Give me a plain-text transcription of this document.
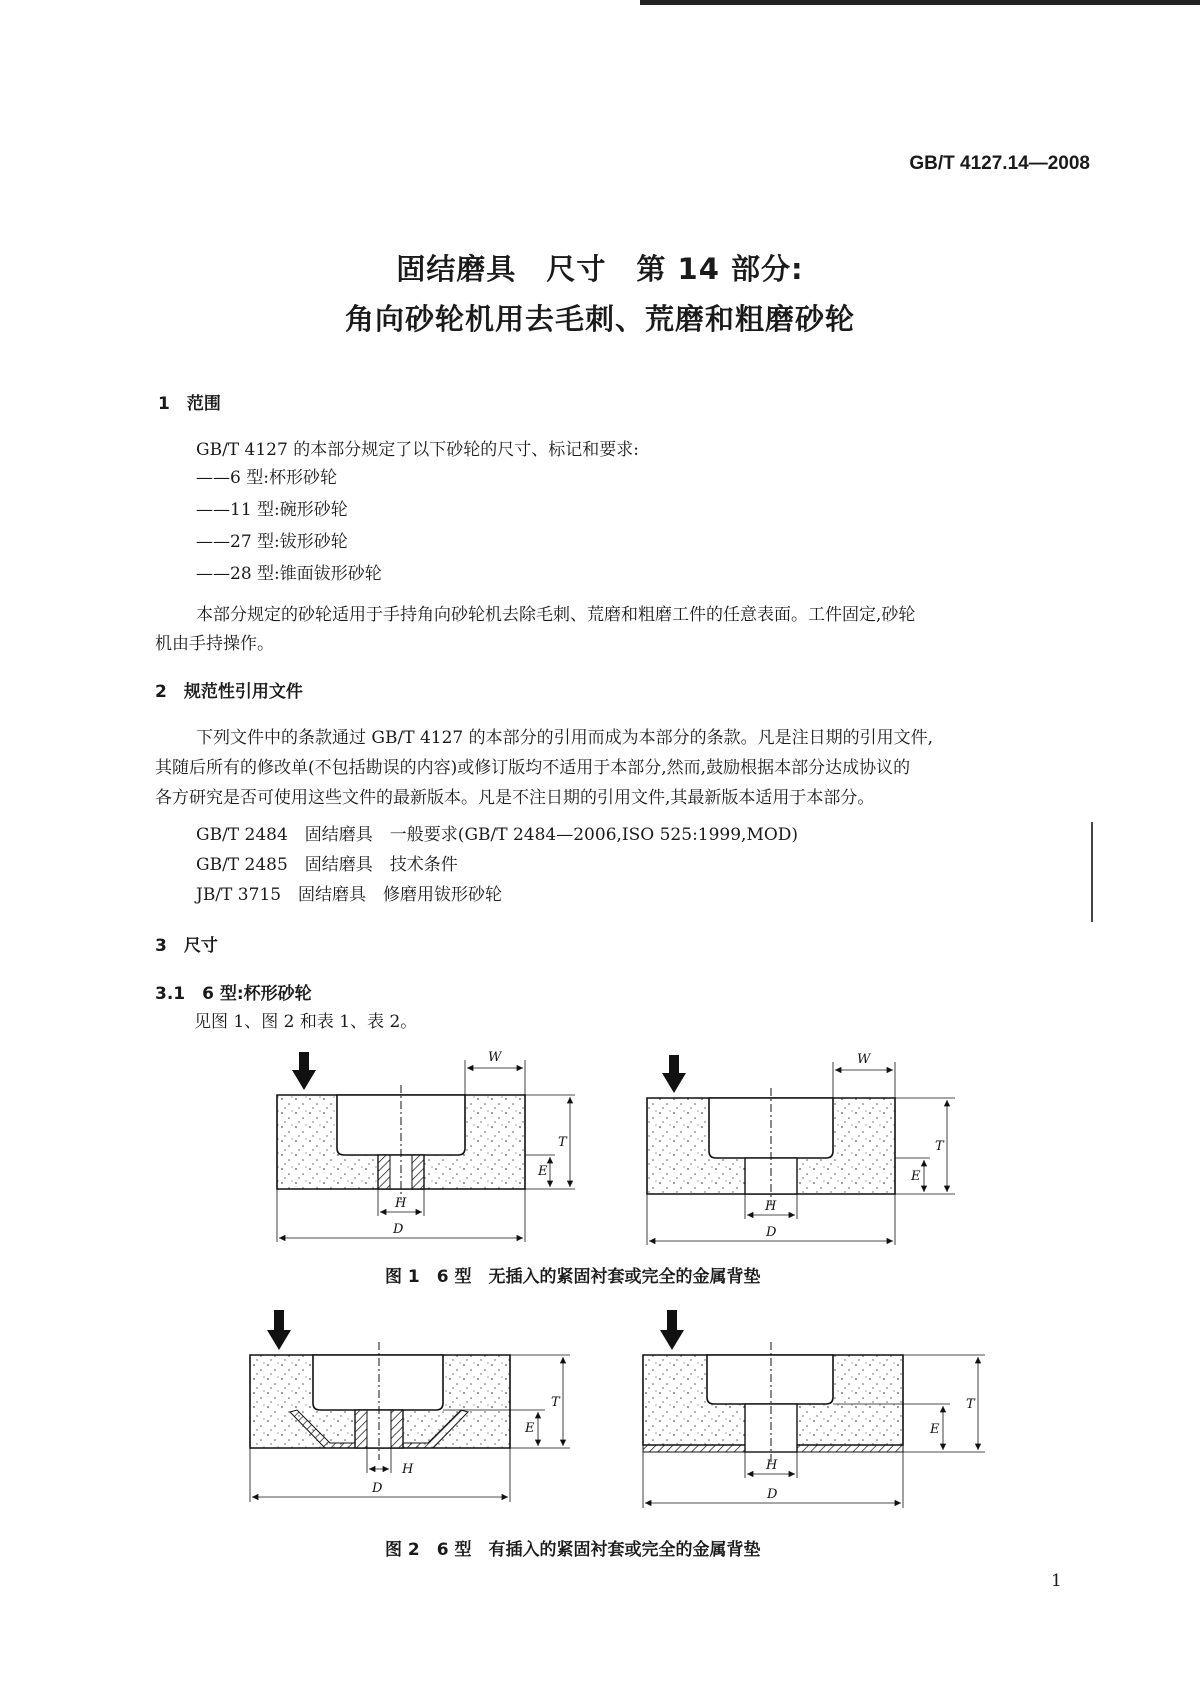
GB/T 4127.14—2008
固结磨具　尺寸　第 14 部分:
角向砂轮机用去毛刺、荒磨和粗磨砂轮
1　范围
GB/T 4127 的本部分规定了以下砂轮的尺寸、标记和要求:
——6 型:杯形砂轮
——11 型:碗形砂轮
——27 型:钹形砂轮
——28 型:锥面钹形砂轮
本部分规定的砂轮适用于手持角向砂轮机去除毛刺、荒磨和粗磨工件的任意表面。工件固定,砂轮
机由手持操作。
2　规范性引用文件
下列文件中的条款通过 GB/T 4127 的本部分的引用而成为本部分的条款。凡是注日期的引用文件,
其随后所有的修改单(不包括勘误的内容)或修订版均不适用于本部分,然而,鼓励根据本部分达成协议的
各方研究是否可使用这些文件的最新版本。凡是不注日期的引用文件,其最新版本适用于本部分。
GB/T 2484　固结磨具　一般要求(GB/T 2484—2006,ISO 525:1999,MOD)
GB/T 2485　固结磨具　技术条件
JB/T 3715　固结磨具　修磨用钹形砂轮
3　尺寸
3.1　6 型:杯形砂轮
见图 1、图 2 和表 1、表 2。
W
T
E
H
D
W
T
E
H
D
T
E
H
D
T
E
H
D
图 1　6 型　无插入的紧固衬套或完全的金属背垫
图 2　6 型　有插入的紧固衬套或完全的金属背垫
1
